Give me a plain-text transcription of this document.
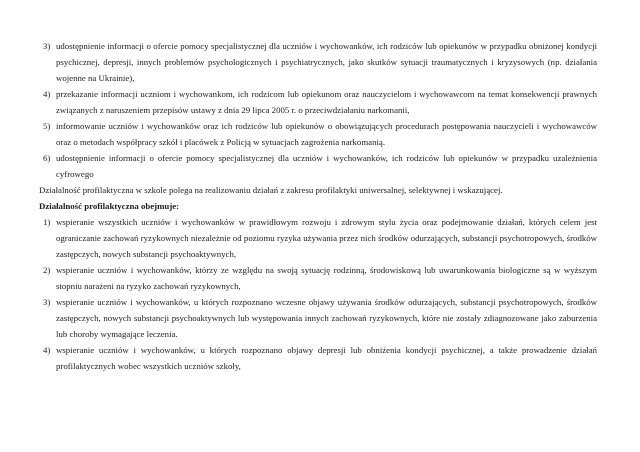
3) udostępnienie informacji o ofercie pomocy specjalistycznej dla uczniów i wychowanków, ich rodziców lub opiekunów w przypadku obniżonej kondycji psychicznej, depresji, innych problemów psychologicznych i psychiatrycznych, jako skutków sytuacji traumatycznych i kryzysowych (np. działania wojenne na Ukrainie),
4) przekazanie informacji uczniom i wychowankom, ich rodzicom lub opiekunom oraz nauczycielom i wychowawcom na temat konsekwencji prawnych związanych z naruszeniem przepisów ustawy z dnia 29 lipca 2005 r. o przeciwdziałaniu narkomanii,
5) informowanie uczniów i wychowanków oraz ich rodziców lub opiekunów o obowiązujących procedurach postępowania nauczycieli i wychowawców oraz o metodach współpracy szkół i placówek z Policją w sytuacjach zagrożenia narkomanią.
6) udostępnienie informacji o ofercie pomocy specjalistycznej dla uczniów i wychowanków, ich rodziców lub opiekunów w przypadku uzależnienia cyfrowego
Działalność profilaktyczna w szkole polega na realizowaniu działań z zakresu profilaktyki uniwersalnej, selektywnej i wskazującej.
Działalność profilaktyczna obejmuje:
1) wspieranie wszystkich uczniów i wychowanków w prawidłowym rozwoju i zdrowym stylu życia oraz podejmowanie działań, których celem jest ograniczanie zachowań ryzykownych niezależnie od poziomu ryzyka używania przez nich środków odurzających, substancji psychotropowych, środków zastępczych, nowych substancji psychoaktywnych,
2) wspieranie uczniów i wychowanków, którzy ze względu na swoją sytuację rodzinną, środowiskową lub uwarunkowania biologiczne są w wyższym stopniu narażeni na ryzyko zachowań ryzykownych,
3) wspieranie uczniów i wychowanków, u których rozpoznano wczesne objawy używania środków odurzających, substancji psychotropowych, środków zastępczych, nowych substancji psychoaktywnych lub występowania innych zachowań ryzykownych, które nie zostały zdiagnozowane jako zaburzenia lub choroby wymagające leczenia.
4) wspieranie uczniów i wychowanków, u których rozpoznano objawy depresji lub obniżenia kondycji psychicznej, a także prowadzenie działań profilaktycznych wobec wszystkich uczniów szkoły,
